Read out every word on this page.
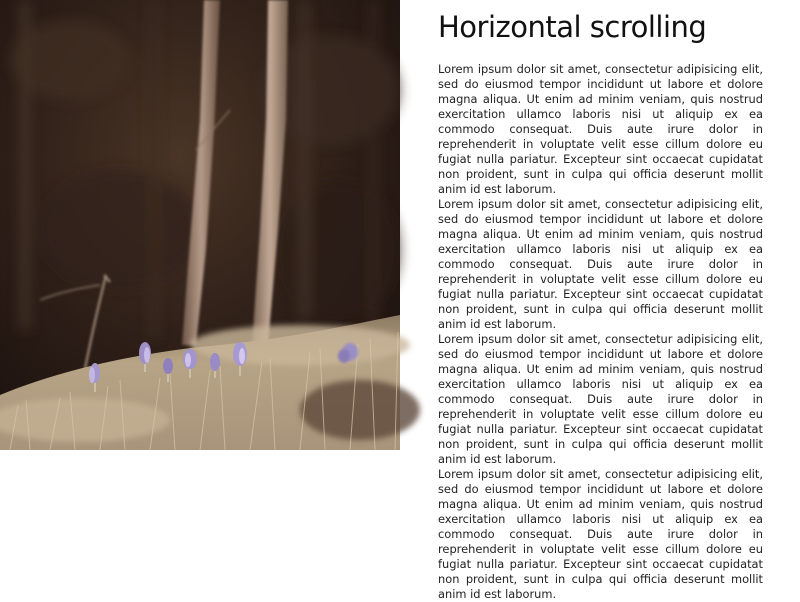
Horizontal scrolling

Lorem ipsum dolor sit amet, consectetur adipisicing elit, sed do eiusmod tempor incididunt ut labore et dolore magna aliqua. Ut enim ad minim veniam, quis nostrud exercitation ullamco laboris nisi ut aliquip ex ea commodo consequat. Duis aute irure dolor in reprehenderit in voluptate velit esse cillum dolore eu fugiat nulla pariatur. Excepteur sint occaecat cupidatat non proident, sunt in culpa qui officia deserunt mollit anim id est laborum.

Lorem ipsum dolor sit amet, consectetur adipisicing elit, sed do eiusmod tempor incididunt ut labore et dolore magna aliqua. Ut enim ad minim veniam, quis nostrud exercitation ullamco laboris nisi ut aliquip ex ea commodo consequat. Duis aute irure dolor in reprehenderit in voluptate velit esse cillum dolore eu fugiat nulla pariatur. Excepteur sint occaecat cupidatat non proident, sunt in culpa qui officia deserunt mollit anim id est laborum.

Lorem ipsum dolor sit amet, consectetur adipisicing elit, sed do eiusmod tempor incididunt ut labore et dolore magna aliqua. Ut enim ad minim veniam, quis nostrud exercitation ullamco laboris nisi ut aliquip ex ea commodo consequat. Duis aute irure dolor in reprehenderit in voluptate velit esse cillum dolore eu fugiat nulla pariatur. Excepteur sint occaecat cupidatat non proident, sunt in culpa qui officia deserunt mollit anim id est laborum.

Lorem ipsum dolor sit amet, consectetur adipisicing elit, sed do eiusmod tempor incididunt ut labore et dolore magna aliqua. Ut enim ad minim veniam, quis nostrud exercitation ullamco laboris nisi ut aliquip ex ea commodo consequat. Duis aute irure dolor in reprehenderit in voluptate velit esse cillum dolore eu fugiat nulla pariatur. Excepteur sint occaecat cupidatat non proident, sunt in culpa qui officia deserunt mollit anim id est laborum.
